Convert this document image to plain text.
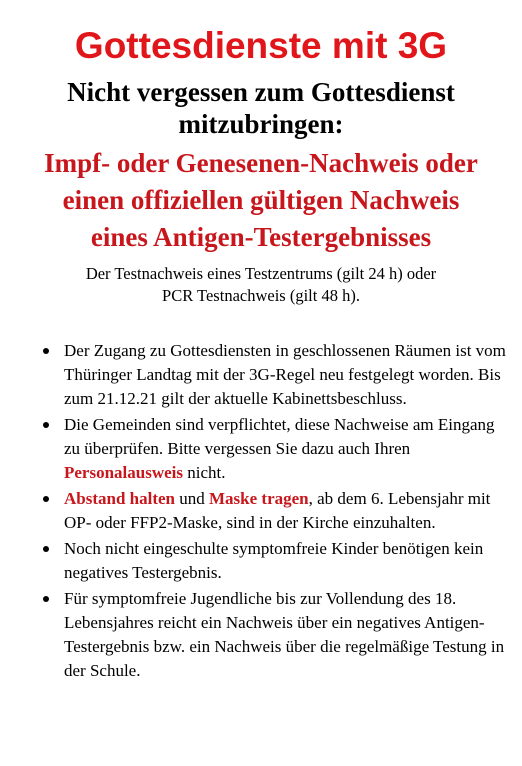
Gottesdienste mit 3G

Nicht vergessen zum Gottesdienst
mitzubringen:

Impf- oder Genesenen-Nachweis oder
einen offiziellen gültigen Nachweis
eines Antigen-Testergebnisses

Der Testnachweis eines Testzentrums (gilt 24 h) oder
PCR Testnachweis (gilt 48 h).

Der Zugang zu Gottesdiensten in geschlossenen Räumen ist vom Thüringer Landtag mit der 3G-Regel neu festgelegt worden. Bis zum 21.12.21 gilt der aktuelle Kabinettsbeschluss.
Die Gemeinden sind verpflichtet, diese Nachweise am Eingang zu überprüfen. Bitte vergessen Sie dazu auch Ihren Personalausweis nicht.
Abstand halten und Maske tragen, ab dem 6. Lebensjahr mit OP- oder FFP2-Maske, sind in der Kirche einzuhalten.
Noch nicht eingeschulte symptomfreie Kinder benötigen kein negatives Testergebnis.
Für symptomfreie Jugendliche bis zur Vollendung des 18. Lebensjahres reicht ein Nachweis über ein negatives Antigen-Testergebnis bzw. ein Nachweis über die regelmäßige Testung in der Schule.
